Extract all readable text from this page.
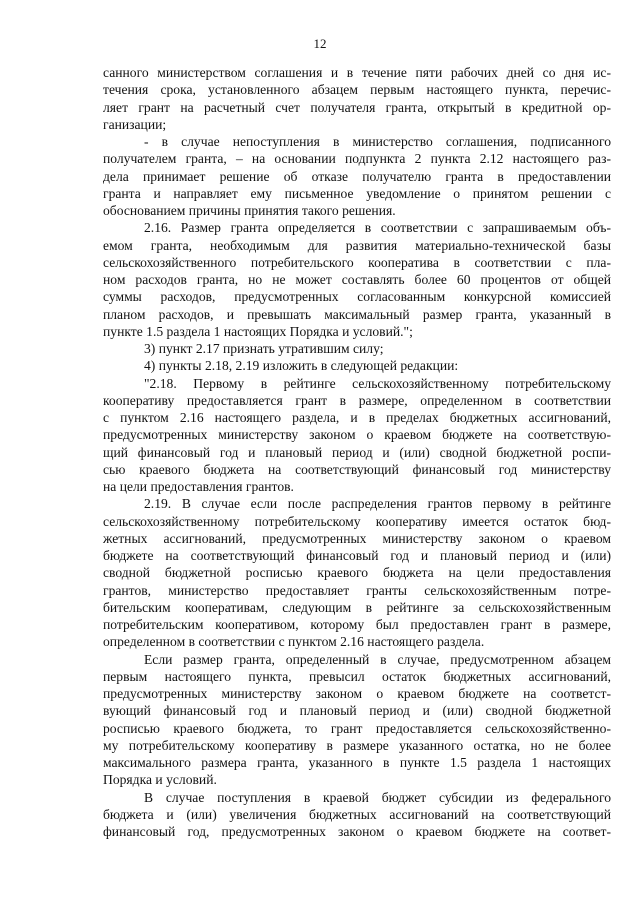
12
санного министерством соглашения и в течение пяти рабочих дней со дня ис-
течения срока, установленного абзацем первым настоящего пункта, перечис-
ляет грант на расчетный счет получателя гранта, открытый в кредитной ор-
ганизации;
- в случае непоступления в министерство соглашения, подписанного
получателем гранта, – на основании подпункта 2 пункта 2.12 настоящего раз-
дела принимает решение об отказе получателю гранта в предоставлении
гранта и направляет ему письменное уведомление о принятом решении с
обоснованием причины принятия такого решения.
2.16. Размер гранта определяется в соответствии с запрашиваемым объ-
емом гранта, необходимым для развития материально-технической базы
сельскохозяйственного потребительского кооператива в соответствии с пла-
ном расходов гранта, но не может составлять более 60 процентов от общей
суммы расходов, предусмотренных согласованным конкурсной комиссией
планом расходов, и превышать максимальный размер гранта, указанный в
пункте 1.5 раздела 1 настоящих Порядка и условий.";
3) пункт 2.17 признать утратившим силу;
4) пункты 2.18, 2.19 изложить в следующей редакции:
"2.18. Первому в рейтинге сельскохозяйственному потребительскому
кооперативу предоставляется грант в размере, определенном в соответствии
с пунктом 2.16 настоящего раздела, и в пределах бюджетных ассигнований,
предусмотренных министерству законом о краевом бюджете на соответствую-
щий финансовый год и плановый период и (или) сводной бюджетной роспи-
сью краевого бюджета на соответствующий финансовый год министерству
на цели предоставления грантов.
2.19. В случае если после распределения грантов первому в рейтинге
сельскохозяйственному потребительскому кооперативу имеется остаток бюд-
жетных ассигнований, предусмотренных министерству законом о краевом
бюджете на соответствующий финансовый год и плановый период и (или)
сводной бюджетной росписью краевого бюджета на цели предоставления
грантов, министерство предоставляет гранты сельскохозяйственным потре-
бительским кооперативам, следующим в рейтинге за сельскохозяйственным
потребительским кооперативом, которому был предоставлен грант в размере,
определенном в соответствии с пунктом 2.16 настоящего раздела.
Если размер гранта, определенный в случае, предусмотренном абзацем
первым настоящего пункта, превысил остаток бюджетных ассигнований,
предусмотренных министерству законом о краевом бюджете на соответст-
вующий финансовый год и плановый период и (или) сводной бюджетной
росписью краевого бюджета, то грант предоставляется сельскохозяйственно-
му потребительскому кооперативу в размере указанного остатка, но не более
максимального размера гранта, указанного в пункте 1.5 раздела 1 настоящих
Порядка и условий.
В случае поступления в краевой бюджет субсидии из федерального
бюджета и (или) увеличения бюджетных ассигнований на соответствующий
финансовый год, предусмотренных законом о краевом бюджете на соответ-
